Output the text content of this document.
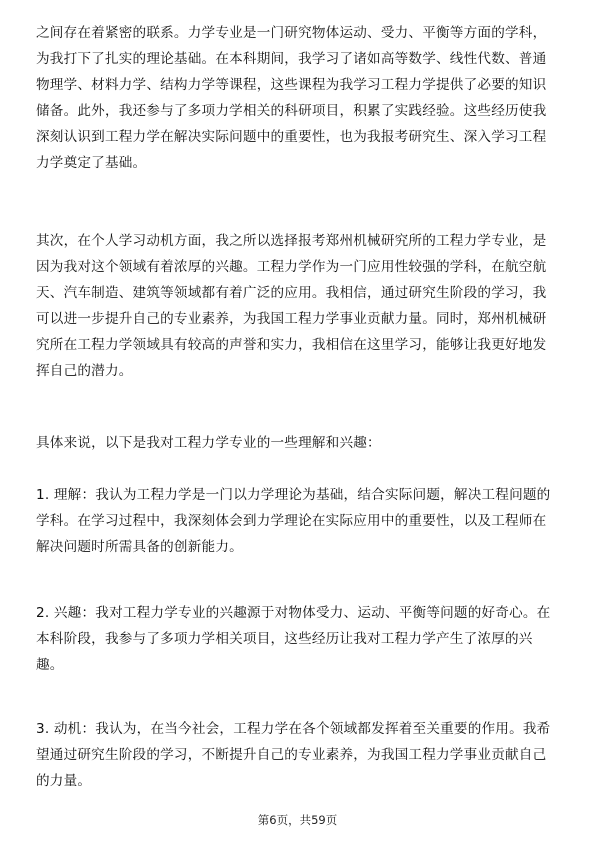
之间存在着紧密的联系。力学专业是一门研究物体运动、受力、平衡等方面的学科，为我打下了扎实的理论基础。在本科期间，我学习了诸如高等数学、线性代数、普通物理学、材料力学、结构力学等课程，这些课程为我学习工程力学提供了必要的知识储备。此外，我还参与了多项力学相关的科研项目，积累了实践经验。这些经历使我深刻认识到工程力学在解决实际问题中的重要性，也为我报考研究生、深入学习工程力学奠定了基础。

其次，在个人学习动机方面，我之所以选择报考郑州机械研究所的工程力学专业，是因为我对这个领域有着浓厚的兴趣。工程力学作为一门应用性较强的学科，在航空航天、汽车制造、建筑等领域都有着广泛的应用。我相信，通过研究生阶段的学习，我可以进一步提升自己的专业素养，为我国工程力学事业贡献力量。同时，郑州机械研究所在工程力学领域具有较高的声誉和实力，我相信在这里学习，能够让我更好地发挥自己的潜力。

具体来说，以下是我对工程力学专业的一些理解和兴趣：

1. 理解：我认为工程力学是一门以力学理论为基础，结合实际问题，解决工程问题的学科。在学习过程中，我深刻体会到力学理论在实际应用中的重要性，以及工程师在解决问题时所需具备的创新能力。

2. 兴趣：我对工程力学专业的兴趣源于对物体受力、运动、平衡等问题的好奇心。在本科阶段，我参与了多项力学相关项目，这些经历让我对工程力学产生了浓厚的兴趣。

3. 动机：我认为，在当今社会，工程力学在各个领域都发挥着至关重要的作用。我希望通过研究生阶段的学习，不断提升自己的专业素养，为我国工程力学事业贡献自己的力量。

第6页，共59页
